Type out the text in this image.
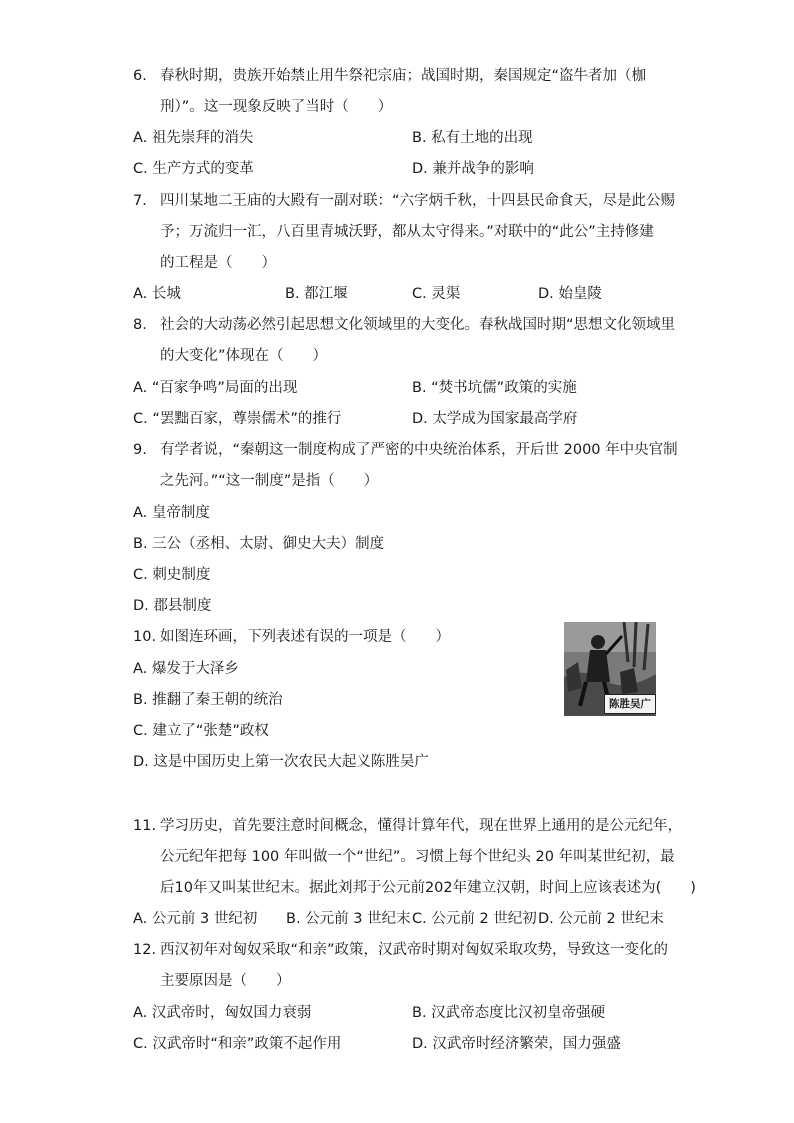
6. 春秋时期，贵族开始禁止用牛祭祀宗庙；战国时期，秦国规定“盗牛者加（枷
刑）”。这一现象反映了当时（　　）
A. 祖先崇拜的消失	B. 私有土地的出现
C. 生产方式的变革	D. 兼并战争的影响
7. 四川某地二王庙的大殿有一副对联：“六字炳千秋，十四县民命食天，尽是此公赐
予；万流归一汇，八百里青城沃野，都从太守得来。”对联中的“此公”主持修建
的工程是（　　）
A. 长城	B. 都江堰	C. 灵渠	D. 始皇陵
8. 社会的大动荡必然引起思想文化领域里的大变化。春秋战国时期“思想文化领域里
的大变化”体现在（　　）
A. “百家争鸣”局面的出现	B. “焚书坑儒”政策的实施
C. “罢黜百家，尊崇儒术”的推行	D. 太学成为国家最高学府
9. 有学者说，“秦朝这一制度构成了严密的中央统治体系，开后世 2000 年中央官制
之先河。”“这一制度”是指（　　）
A. 皇帝制度
B. 三公（丞相、太尉、御史大夫）制度
C. 刺史制度
D. 郡县制度
10. 如图连环画，下列表述有误的一项是（　　）
A. 爆发于大泽乡
B. 推翻了秦王朝的统治
C. 建立了“张楚”政权
D. 这是中国历史上第一次农民大起义陈胜吴广
陈胜吴广
11. 学习历史，首先要注意时间概念，懂得计算年代，现在世界上通用的是公元纪年，
公元纪年把每 100 年叫做一个“世纪”。习惯上每个世纪头 20 年叫某世纪初，最
后10年又叫某世纪末。据此刘邦于公元前202年建立汉朝，时间上应该表述为(　　)
A. 公元前 3 世纪初 B. 公元前 3 世纪末 C. 公元前 2 世纪初 D. 公元前 2 世纪末
12. 西汉初年对匈奴采取“和亲”政策，汉武帝时期对匈奴采取攻势，导致这一变化的
主要原因是（　　）
A. 汉武帝时，匈奴国力衰弱	B. 汉武帝态度比汉初皇帝强硬
C. 汉武帝时“和亲”政策不起作用	D. 汉武帝时经济繁荣，国力强盛
